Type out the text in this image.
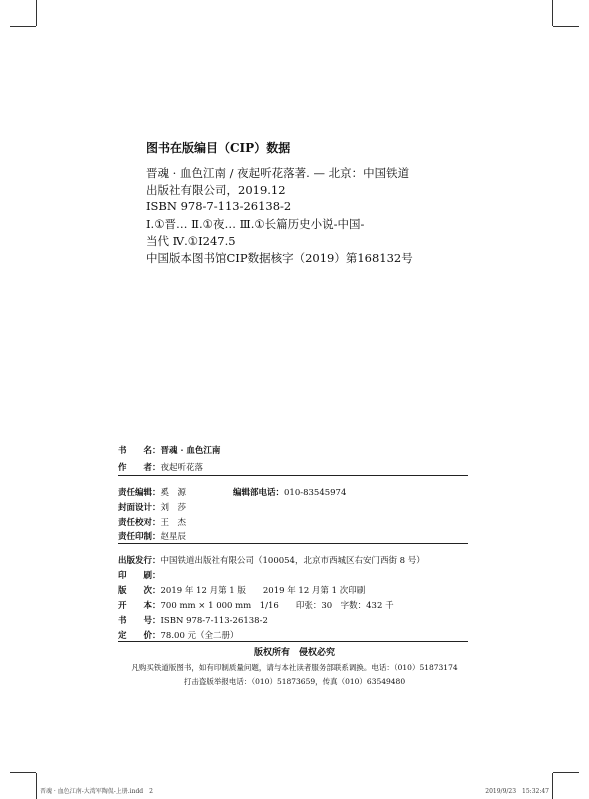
图书在版编目（CIP）数据
晋魂 · 血色江南 / 夜起听花落著. — 北京：中国铁道
出版社有限公司，2019.12
ISBN 978-7-113-26138-2
Ⅰ.①晋… Ⅱ.①夜… Ⅲ.①长篇历史小说-中国-
当代 Ⅳ.①I247.5
中国版本图书馆CIP数据核字（2019）第168132号
书　　名：晋魂 · 血色江南
作　　者：夜起听花落
责任编辑：奚　源	编辑部电话：010-83545974
封面设计：刘　莎
责任校对：王　杰
责任印制：赵星辰
出版发行：中国铁道出版社有限公司（100054，北京市西城区右安门西街 8 号）
印　　刷：
版　　次：2019 年 12 月第 1 版　　2019 年 12 月第 1 次印刷
开　　本：700 mm × 1 000 mm　1/16　　印张：30　字数：432 千
书　　号：ISBN 978-7-113-26138-2
定　　价：78.00 元（全二册）
版权所有　侵权必究
凡购买铁道版图书，如有印制质量问题，请与本社读者服务部联系调换。电话：（010）51873174
打击盗版举报电话：（010）51873659，传真（010）63549480
晋魂 · 血色江南-大湾军陶侃-上册.indd　2	2019/9/23　15:32:47
